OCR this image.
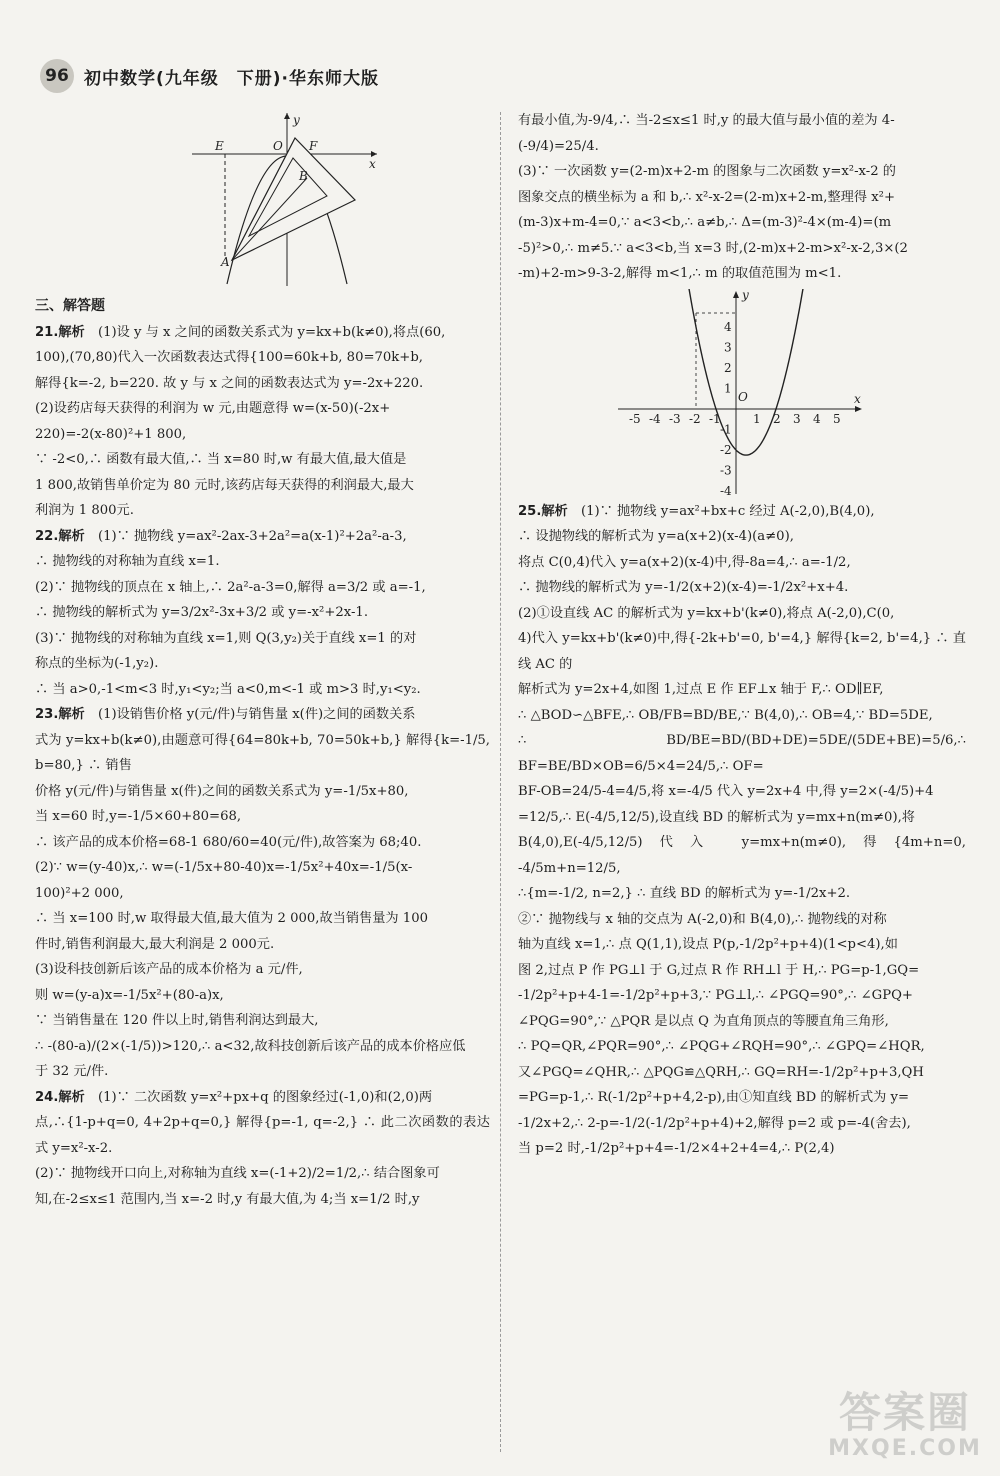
96 初中数学(九年级　下册)·华东师大版
E	O F
x
y
B
A
三、解答题

21.解析  (1)设 y 与 x 之间的函数关系式为 y=kx+b(k≠0),将点(60,

100),(70,80)代入一次函数表达式得{100=60k+b, 80=70k+b,

解得{k=-2, b=220. 故 y 与 x 之间的函数表达式为 y=-2x+220.

(2)设药店每天获得的利润为 w 元,由题意得 w=(x-50)(-2x+

220)=-2(x-80)²+1 800,

∵ -2<0,∴ 函数有最大值,∴ 当 x=80 时,w 有最大值,最大值是

1 800,故销售单价定为 80 元时,该药店每天获得的利润最大,最大

利润为 1 800元.

22.解析  (1)∵ 抛物线 y=ax²-2ax-3+2a²=a(x-1)²+2a²-a-3,

∴ 抛物线的对称轴为直线 x=1.

(2)∵ 抛物线的顶点在 x 轴上,∴ 2a²-a-3=0,解得 a=3/2 或 a=-1,

∴ 抛物线的解析式为 y=3/2x²-3x+3/2 或 y=-x²+2x-1.

(3)∵ 抛物线的对称轴为直线 x=1,则 Q(3,y₂)关于直线 x=1 的对

称点的坐标为(-1,y₂).

∴ 当 a>0,-1<m<3 时,y₁<y₂;当 a<0,m<-1 或 m>3 时,y₁<y₂.

23.解析  (1)设销售价格 y(元/件)与销售量 x(件)之间的函数关系

式为 y=kx+b(k≠0),由题意可得{64=80k+b, 70=50k+b,} 解得{k=-1/5, b=80,} ∴ 销售

价格 y(元/件)与销售量 x(件)之间的函数关系式为 y=-1/5x+80,

当 x=60 时,y=-1/5×60+80=68,

∴ 该产品的成本价格=68-1 680/60=40(元/件),故答案为 68;40.

(2)∵ w=(y-40)x,∴ w=(-1/5x+80-40)x=-1/5x²+40x=-1/5(x-

100)²+2 000,

∴ 当 x=100 时,w 取得最大值,最大值为 2 000,故当销售量为 100

件时,销售利润最大,最大利润是 2 000元.

(3)设科技创新后该产品的成本价格为 a 元/件,

则 w=(y-a)x=-1/5x²+(80-a)x,

∵ 当销售量在 120 件以上时,销售利润达到最大,

∴ -(80-a)/(2×(-1/5))>120,∴ a<32,故科技创新后该产品的成本价格应低

于 32 元/件.

24.解析  (1)∵ 二次函数 y=x²+px+q 的图象经过(-1,0)和(2,0)两

点,∴{1-p+q=0, 4+2p+q=0,} 解得{p=-1, q=-2,} ∴ 此二次函数的表达式 y=x²-x-2.

(2)∵ 抛物线开口向上,对称轴为直线 x=(-1+2)/2=1/2,∴ 结合图象可

知,在-2≤x≤1 范围内,当 x=-2 时,y 有最大值,为 4;当 x=1/2 时,y

有最小值,为-9/4,∴ 当-2≤x≤1 时,y 的最大值与最小值的差为 4-

(-9/4)=25/4.

(3)∵ 一次函数 y=(2-m)x+2-m 的图象与二次函数 y=x²-x-2 的

图象交点的横坐标为 a 和 b,∴ x²-x-2=(2-m)x+2-m,整理得 x²+

(m-3)x+m-4=0,∵ a<3<b,∴ a≠b,∴ Δ=(m-3)²-4×(m-4)=(m

-5)²>0,∴ m≠5.∵ a<3<b,当 x=3 时,(2-m)x+2-m>x²-x-2,3×(2

-m)+2-m>9-3-2,解得 m<1,∴ m 的取值范围为 m<1.

-5 -4 -3 -2 -1	1 2 3 4 5
4
3
2
1
-1
-2
-3
-4
x
y
O

25.解析  (1)∵ 抛物线 y=ax²+bx+c 经过 A(-2,0),B(4,0),

∴ 设抛物线的解析式为 y=a(x+2)(x-4)(a≠0),

将点 C(0,4)代入 y=a(x+2)(x-4)中,得-8a=4,∴ a=-1/2,

∴ 抛物线的解析式为 y=-1/2(x+2)(x-4)=-1/2x²+x+4.

(2)①设直线 AC 的解析式为 y=kx+b'(k≠0),将点 A(-2,0),C(0,

4)代入 y=kx+b'(k≠0)中,得{-2k+b'=0, b'=4,} 解得{k=2, b'=4,} ∴ 直线 AC 的

解析式为 y=2x+4,如图 1,过点 E 作 EF⊥x 轴于 F,∴ OD∥EF,

∴ △BOD∽△BFE,∴ OB/FB=BD/BE,∵ B(4,0),∴ OB=4,∵ BD=5DE,

∴ BD/BE=BD/(BD+DE)=5DE/(5DE+BE)=5/6,∴ BF=BE/BD×OB=6/5×4=24/5,∴ OF=

BF-OB=24/5-4=4/5,将 x=-4/5 代入 y=2x+4 中,得 y=2×(-4/5)+4

=12/5,∴ E(-4/5,12/5),设直线 BD 的解析式为 y=mx+n(m≠0),将

B(4,0),E(-4/5,12/5)代入 y=mx+n(m≠0),得{4m+n=0, -4/5m+n=12/5,

∴{m=-1/2, n=2,} ∴ 直线 BD 的解析式为 y=-1/2x+2.

②∵ 抛物线与 x 轴的交点为 A(-2,0)和 B(4,0),∴ 抛物线的对称

轴为直线 x=1,∴ 点 Q(1,1),设点 P(p,-1/2p²+p+4)(1<p<4),如

图 2,过点 P 作 PG⊥l 于 G,过点 R 作 RH⊥l 于 H,∴ PG=p-1,GQ=

-1/2p²+p+4-1=-1/2p²+p+3,∵ PG⊥l,∴ ∠PGQ=90°,∴ ∠GPQ+

∠PQG=90°,∵ △PQR 是以点 Q 为直角顶点的等腰直角三角形,

∴ PQ=QR,∠PQR=90°,∴ ∠PQG+∠RQH=90°,∴ ∠GPQ=∠HQR,

又∠PGQ=∠QHR,∴ △PQG≌△QRH,∴ GQ=RH=-1/2p²+p+3,QH

=PG=p-1,∴ R(-1/2p²+p+4,2-p),由①知直线 BD 的解析式为 y=

-1/2x+2,∴ 2-p=-1/2(-1/2p²+p+4)+2,解得 p=2 或 p=-4(舍去),

当 p=2 时,-1/2p²+p+4=-1/2×4+2+4=4,∴ P(2,4)

答案圈
MXQE.COM
